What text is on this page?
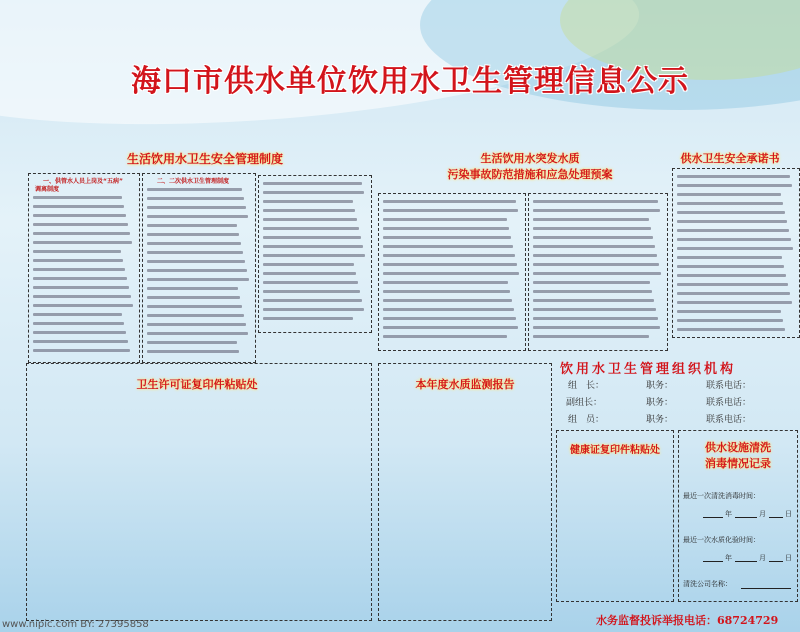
海口市供水单位饮用水卫生管理信息公示
生活饮用水卫生安全管理制度	生活饮用水突发水质
污染事故防范措施和应急处理预案
供水卫生安全承诺书
一、供管水人员上岗及“五病”
调离制度
二、二次供水卫生管理制度
卫生许可证复印件粘贴处	本年度水质监测报告
饮用水卫生管理组织机构
组　长：	职务：	联系电话：
副组长：	职务：	联系电话：
组　员：	职务：	联系电话：
健康证复印件粘贴处	供水设施清洗
消毒情况记录
最近一次清洗消毒时间：
年	月	日
最近一次水质化验时间：
年	月	日
清洗公司名称：
水务监督投诉举报电话：68724729
www.nipic.com BY: 27395858
